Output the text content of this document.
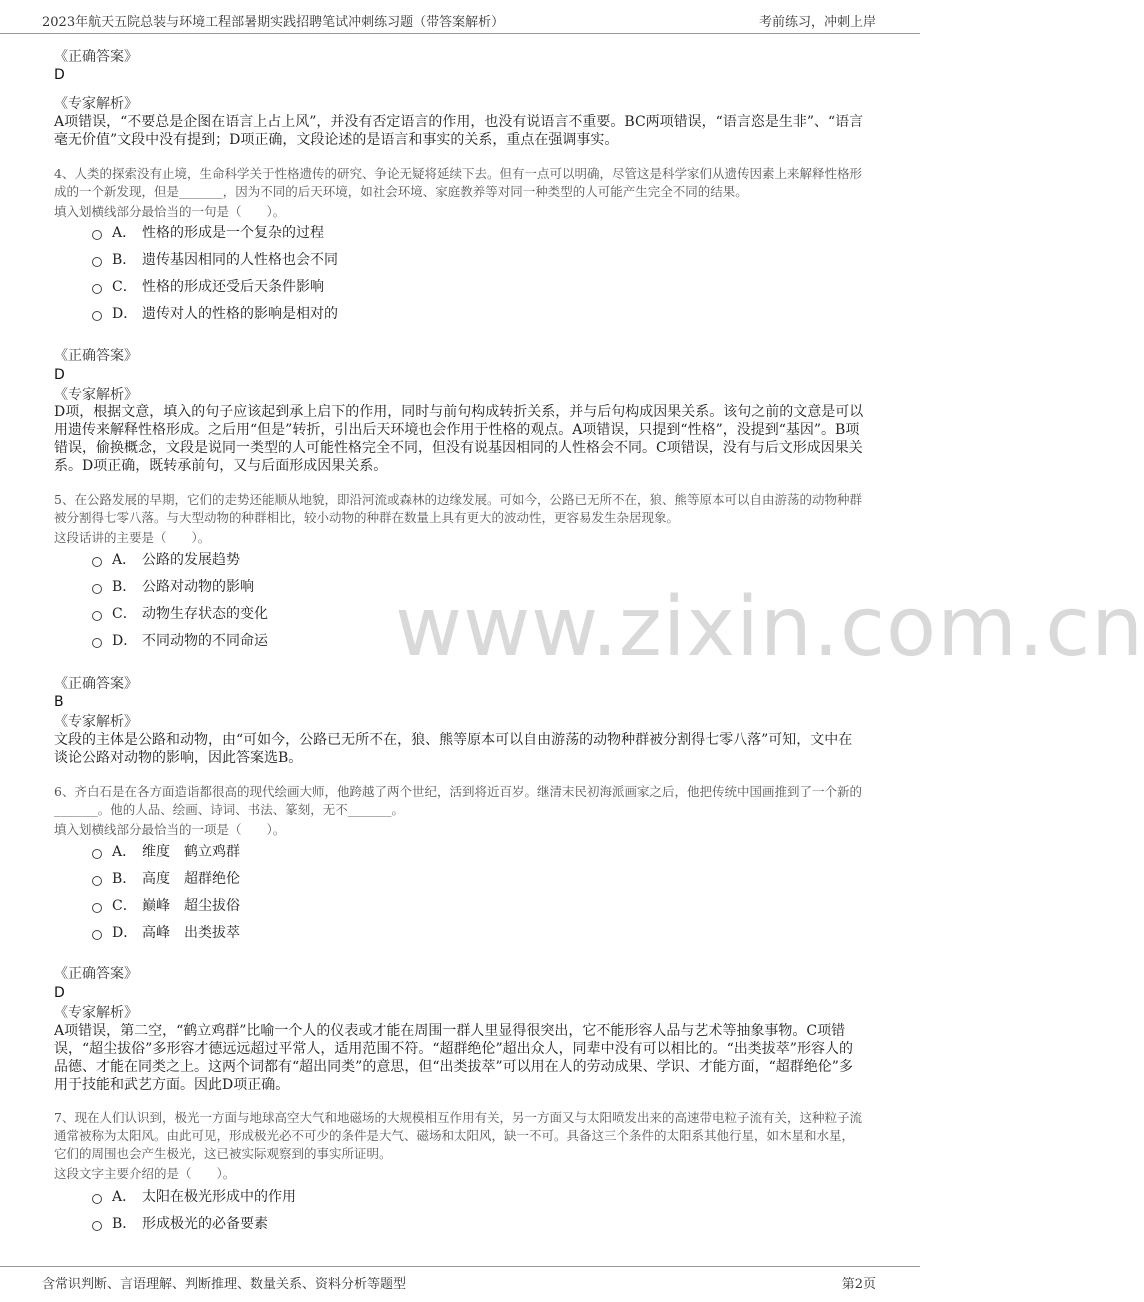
2023年航天五院总装与环境工程部暑期实践招聘笔试冲刺练习题（带答案解析）	考前练习，冲刺上岸
www.zixin.com.cn
《正确答案》
D
《专家解析》
A项错误，“不要总是企图在语言上占上风”，并没有否定语言的作用，也没有说语言不重要。BC两项错误，“语言恣是生非”、“语言毫无价值”文段中没有提到；D项正确，文段论述的是语言和事实的关系，重点在强调事实。
4、人类的探索没有止境，生命科学关于性格遗传的研究、争论无疑将延续下去。但有一点可以明确，尽管这是科学家们从遗传因素上来解释性格形成的一个新发现，但是_______，因为不同的后天环境，如社会环境、家庭教养等对同一种类型的人可能产生完全不同的结果。
填入划横线部分最恰当的一句是（　　）。
A． 性格的形成是一个复杂的过程
B． 遗传基因相同的人性格也会不同
C． 性格的形成还受后天条件影响
D． 遗传对人的性格的影响是相对的
《正确答案》
D
《专家解析》
D项，根据文意，填入的句子应该起到承上启下的作用，同时与前句构成转折关系，并与后句构成因果关系。该句之前的文意是可以用遗传来解释性格形成。之后用“但是”转折，引出后天环境也会作用于性格的观点。A项错误，只提到“性格”，没提到“基因”。B项错误，偷换概念，文段是说同一类型的人可能性格完全不同，但没有说基因相同的人性格会不同。C项错误，没有与后文形成因果关系。D项正确，既转承前句，又与后面形成因果关系。
5、在公路发展的早期，它们的走势还能顺从地貌，即沿河流或森林的边缘发展。可如今，公路已无所不在，狼、熊等原本可以自由游荡的动物种群被分割得七零八落。与大型动物的种群相比，较小动物的种群在数量上具有更大的波动性，更容易发生杂居现象。
这段话讲的主要是（　　）。
A． 公路的发展趋势
B． 公路对动物的影响
C． 动物生存状态的变化
D． 不同动物的不同命运
《正确答案》
B
《专家解析》
文段的主体是公路和动物，由“可如今，公路已无所不在，狼、熊等原本可以自由游荡的动物种群被分割得七零八落”可知，文中在谈论公路对动物的影响，因此答案选B。
6、齐白石是在各方面造诣都很高的现代绘画大师，他跨越了两个世纪，活到将近百岁。继清末民初海派画家之后，他把传统中国画推到了一个新的_______。他的人品、绘画、诗词、书法、篆刻，无不_______。
填入划横线部分最恰当的一项是（　　）。
A． 维度　鹤立鸡群
B． 高度　超群绝伦
C． 巅峰　超尘拔俗
D． 高峰　出类拔萃
《正确答案》
D
《专家解析》
A项错误，第二空，“鹤立鸡群”比喻一个人的仪表或才能在周围一群人里显得很突出，它不能形容人品与艺术等抽象事物。C项错误，“超尘拔俗”多形容才德远远超过平常人，适用范围不符。“超群绝伦”超出众人，同辈中没有可以相比的。“出类拔萃”形容人的品德、才能在同类之上。这两个词都有“超出同类”的意思，但“出类拔萃”可以用在人的劳动成果、学识、才能方面，“超群绝伦”多用于技能和武艺方面。因此D项正确。
7、现在人们认识到，极光一方面与地球高空大气和地磁场的大规模相互作用有关，另一方面又与太阳喷发出来的高速带电粒子流有关，这种粒子流通常被称为太阳风。由此可见，形成极光必不可少的条件是大气、磁场和太阳风，缺一不可。具备这三个条件的太阳系其他行星，如木星和水星，它们的周围也会产生极光，这已被实际观察到的事实所证明。
这段文字主要介绍的是（　　）。
A． 太阳在极光形成中的作用
B． 形成极光的必备要素
含常识判断、言语理解、判断推理、数量关系、资料分析等题型	第2页
